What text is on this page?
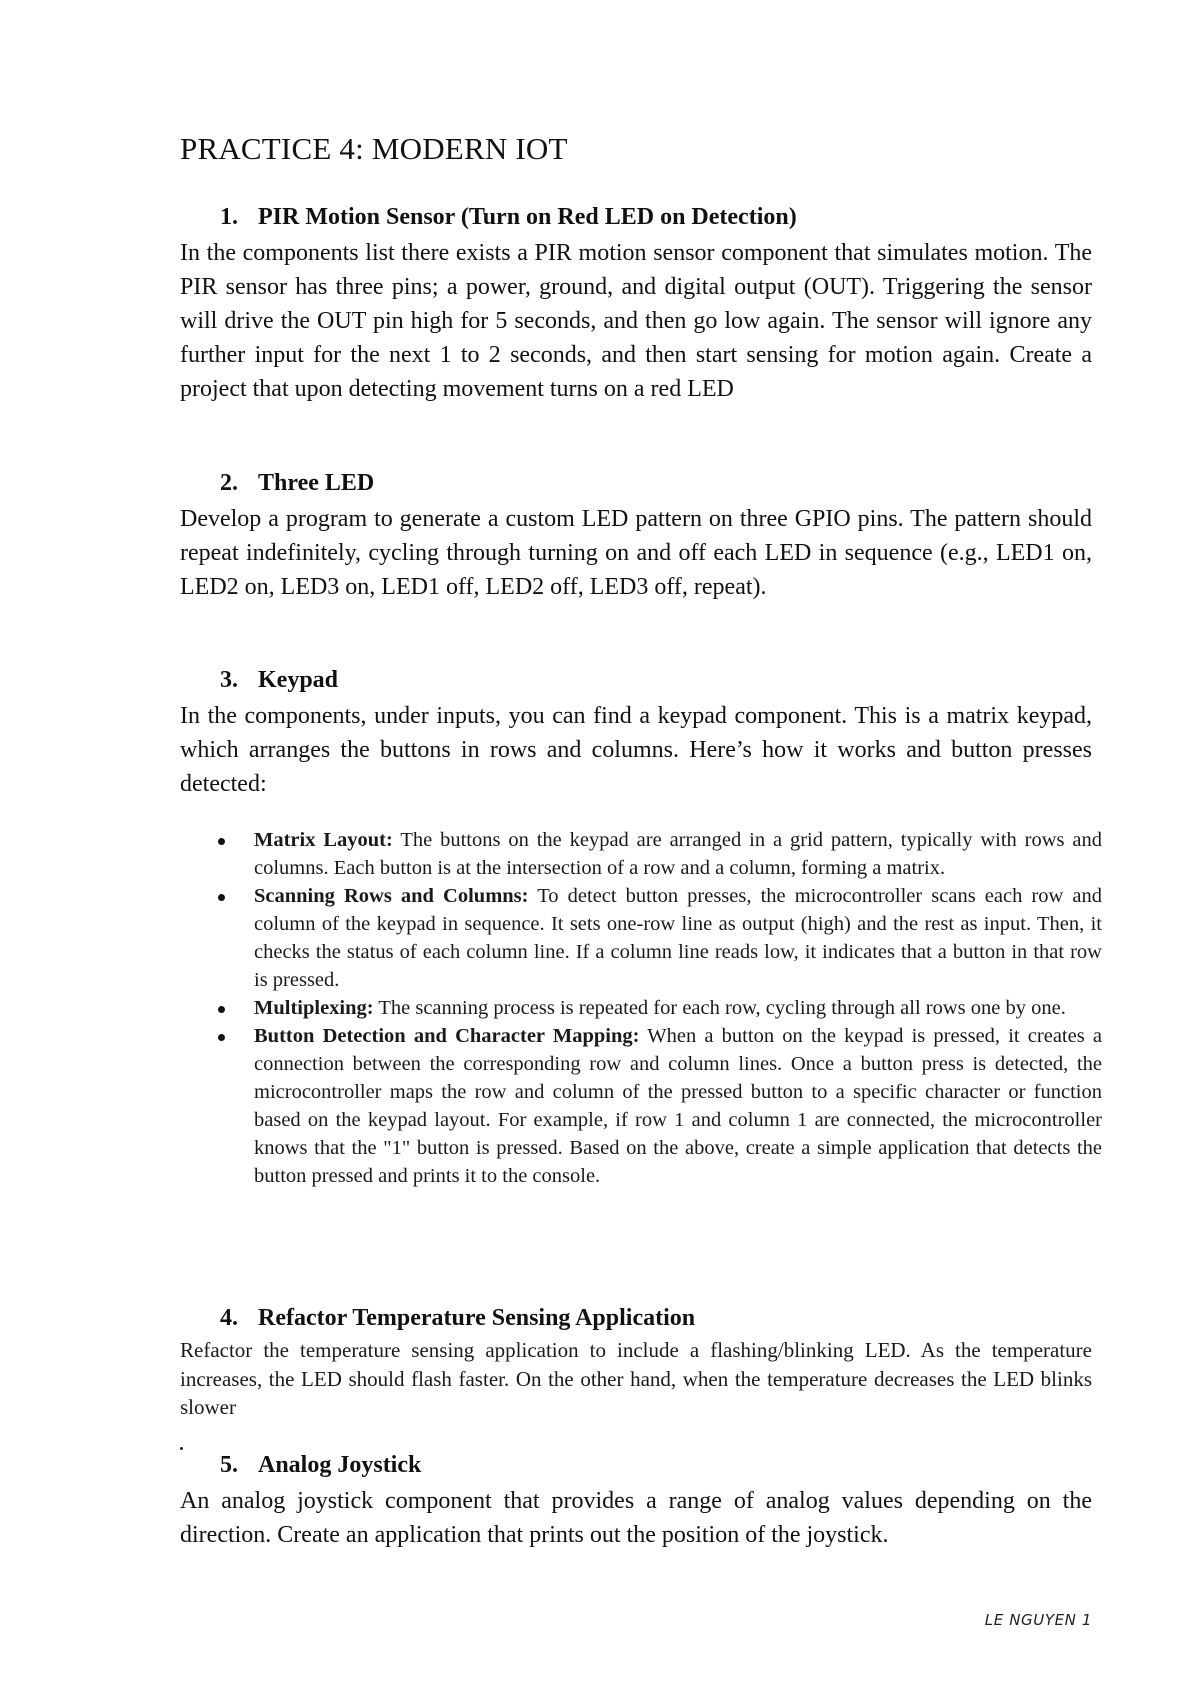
PRACTICE 4: MODERN IOT
1. PIR Motion Sensor (Turn on Red LED on Detection)
In the components list there exists a PIR motion sensor component that simulates motion. The PIR sensor has three pins; a power, ground, and digital output (OUT). Triggering the sensor will drive the OUT pin high for 5 seconds, and then go low again. The sensor will ignore any further input for the next 1 to 2 seconds, and then start sensing for motion again. Create a project that upon detecting movement turns on a red LED
2. Three LED
Develop a program to generate a custom LED pattern on three GPIO pins. The pattern should repeat indefinitely, cycling through turning on and off each LED in sequence (e.g., LED1 on, LED2 on, LED3 on, LED1 off, LED2 off, LED3 off, repeat).
3. Keypad
In the components, under inputs, you can find a keypad component. This is a matrix keypad, which arranges the buttons in rows and columns. Here’s how it works and button presses detected:
Matrix Layout: The buttons on the keypad are arranged in a grid pattern, typically with rows and columns. Each button is at the intersection of a row and a column, forming a matrix.
Scanning Rows and Columns: To detect button presses, the microcontroller scans each row and column of the keypad in sequence. It sets one-row line as output (high) and the rest as input. Then, it checks the status of each column line. If a column line reads low, it indicates that a button in that row is pressed.
Multiplexing: The scanning process is repeated for each row, cycling through all rows one by one.
Button Detection and Character Mapping: When a button on the keypad is pressed, it creates a connection between the corresponding row and column lines. Once a button press is detected, the microcontroller maps the row and column of the pressed button to a specific character or function based on the keypad layout. For example, if row 1 and column 1 are connected, the microcontroller knows that the "1" button is pressed. Based on the above, create a simple application that detects the button pressed and prints it to the console.
4. Refactor Temperature Sensing Application
Refactor the temperature sensing application to include a flashing/blinking LED. As the temperature increases, the LED should flash faster. On the other hand, when the temperature decreases the LED blinks slower
5. Analog Joystick
An analog joystick component that provides a range of analog values depending on the direction. Create an application that prints out the position of the joystick.
LE NGUYEN 1
